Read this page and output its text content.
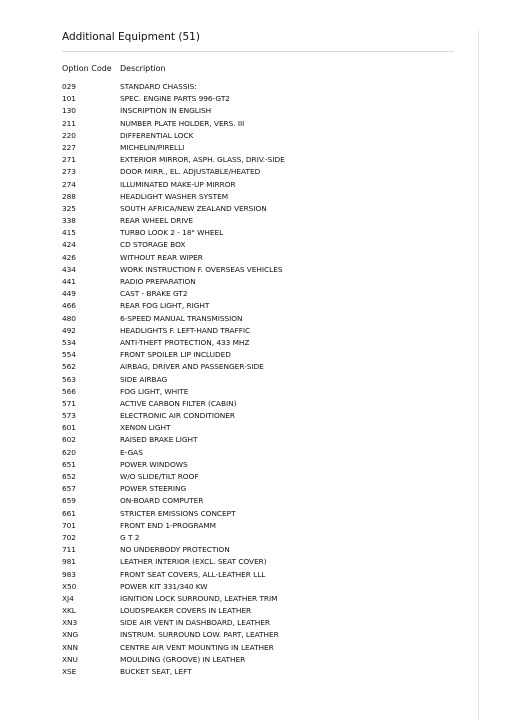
Additional Equipment (51)
Option Code	Description
029	STANDARD CHASSIS:
101	SPEC. ENGINE PARTS 996-GT2
130	INSCRIPTION IN ENGLISH
211	NUMBER PLATE HOLDER, VERS. III
220	DIFFERENTIAL LOCK
227	MICHELIN/PIRELLI
271	EXTERIOR MIRROR, ASPH. GLASS, DRIV.-SIDE
273	DOOR MIRR., EL. ADJUSTABLE/HEATED
274	ILLUMINATED MAKE-UP MIRROR
288	HEADLIGHT WASHER SYSTEM
325	SOUTH AFRICA/NEW ZEALAND VERSION
338	REAR WHEEL DRIVE
415	TURBO LOOK 2 - 18" WHEEL
424	CD STORAGE BOX
426	WITHOUT REAR WIPER
434	WORK INSTRUCTION F. OVERSEAS VEHICLES
441	RADIO PREPARATION
449	CAST - BRAKE GT2
466	REAR FOG LIGHT, RIGHT
480	6-SPEED MANUAL TRANSMISSION
492	HEADLIGHTS F. LEFT-HAND TRAFFIC
534	ANTI-THEFT PROTECTION, 433 MHZ
554	FRONT SPOILER LIP INCLUDED
562	AIRBAG, DRIVER AND PASSENGER-SIDE
563	SIDE AIRBAG
566	FOG LIGHT, WHITE
571	ACTIVE CARBON FILTER (CABIN)
573	ELECTRONIC AIR CONDITIONER
601	XENON LIGHT
602	RAISED BRAKE LIGHT
620	E-GAS
651	POWER WINDOWS
652	W/O SLIDE/TILT ROOF
657	POWER STEERING
659	ON-BOARD COMPUTER
661	STRICTER EMISSIONS CONCEPT
701	FRONT END 1-PROGRAMM
702	G T 2
711	NO UNDERBODY PROTECTION
981	LEATHER INTERIOR (EXCL. SEAT COVER)
983	FRONT SEAT COVERS, ALL-LEATHER LLL
X50	POWER KIT 331/340 KW
XJ4	IGNITION LOCK SURROUND, LEATHER TRIM
XKL	LOUDSPEAKER COVERS IN LEATHER
XN3	SIDE AIR VENT IN DASHBOARD, LEATHER
XNG	INSTRUM. SURROUND LOW. PART, LEATHER
XNN	CENTRE AIR VENT MOUNTING IN LEATHER
XNU	MOULDING (GROOVE) IN LEATHER
XSE	BUCKET SEAT, LEFT
